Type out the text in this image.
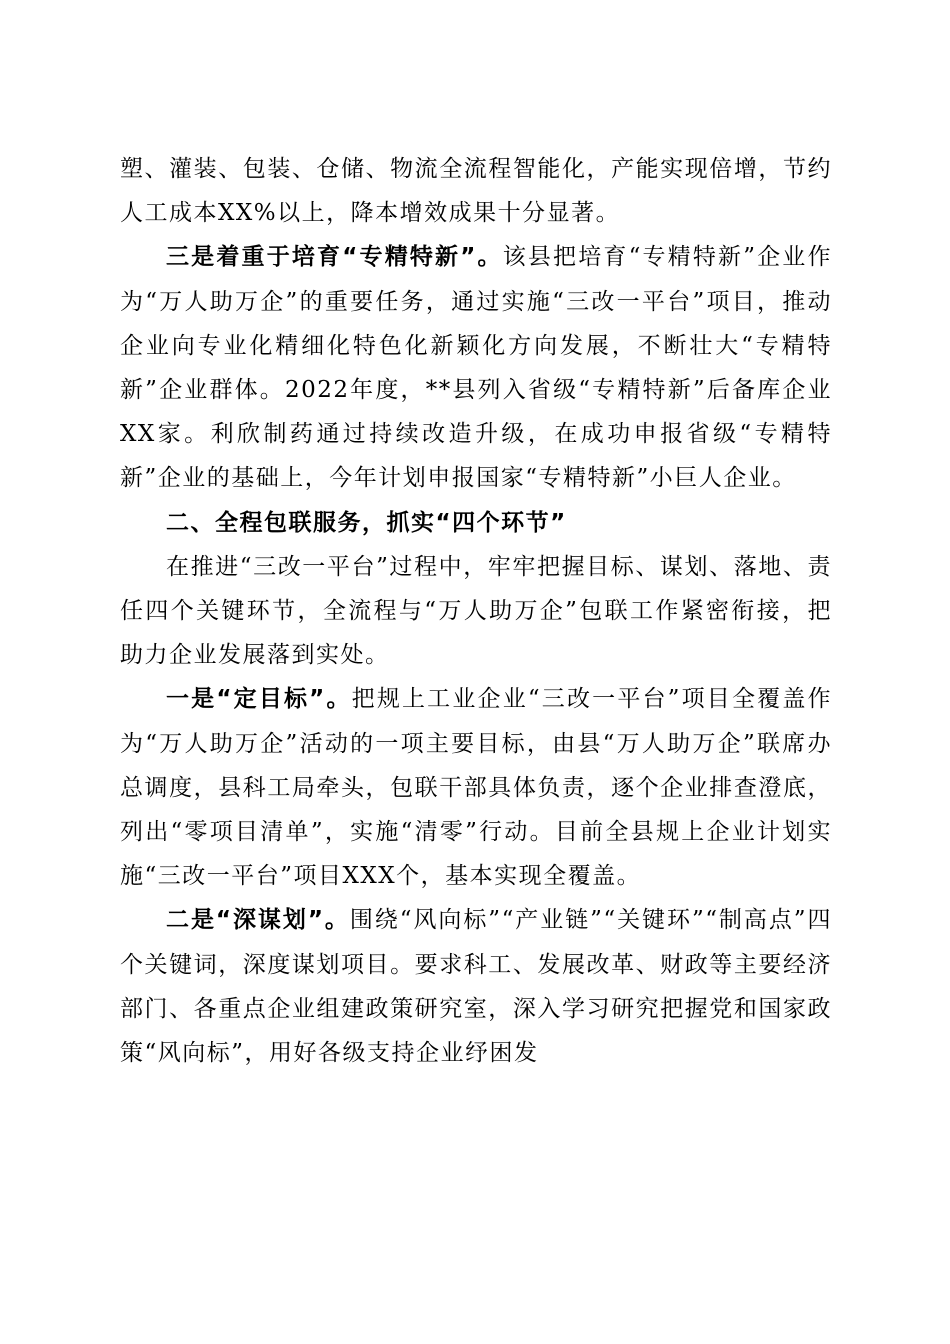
塑、灌装、包装、仓储、物流全流程智能化，产能实现倍增，节约人工成本XX%以上，降本增效成果十分显著。

三是着重于培育“专精特新”。该县把培育“专精特新”企业作为“万人助万企”的重要任务，通过实施“三改一平台”项目，推动企业向专业化精细化特色化新颖化方向发展，不断壮大“专精特新”企业群体。2022年度，**县列入省级“专精特新”后备库企业XX家。利欣制药通过持续改造升级，在成功申报省级“专精特新”企业的基础上，今年计划申报国家“专精特新”小巨人企业。

二、全程包联服务，抓实“四个环节”

在推进“三改一平台”过程中，牢牢把握目标、谋划、落地、责任四个关键环节，全流程与“万人助万企”包联工作紧密衔接，把助力企业发展落到实处。

一是“定目标”。把规上工业企业“三改一平台”项目全覆盖作为“万人助万企”活动的一项主要目标，由县“万人助万企”联席办总调度，县科工局牵头，包联干部具体负责，逐个企业排查澄底，列出“零项目清单”，实施“清零”行动。目前全县规上企业计划实施“三改一平台”项目XXX个，基本实现全覆盖。

二是“深谋划”。围绕“风向标”“产业链”“关键环”“制高点”四个关键词，深度谋划项目。要求科工、发展改革、财政等主要经济部门、各重点企业组建政策研究室，深入学习研究把握党和国家政策“风向标”，用好各级支持企业纾困发
